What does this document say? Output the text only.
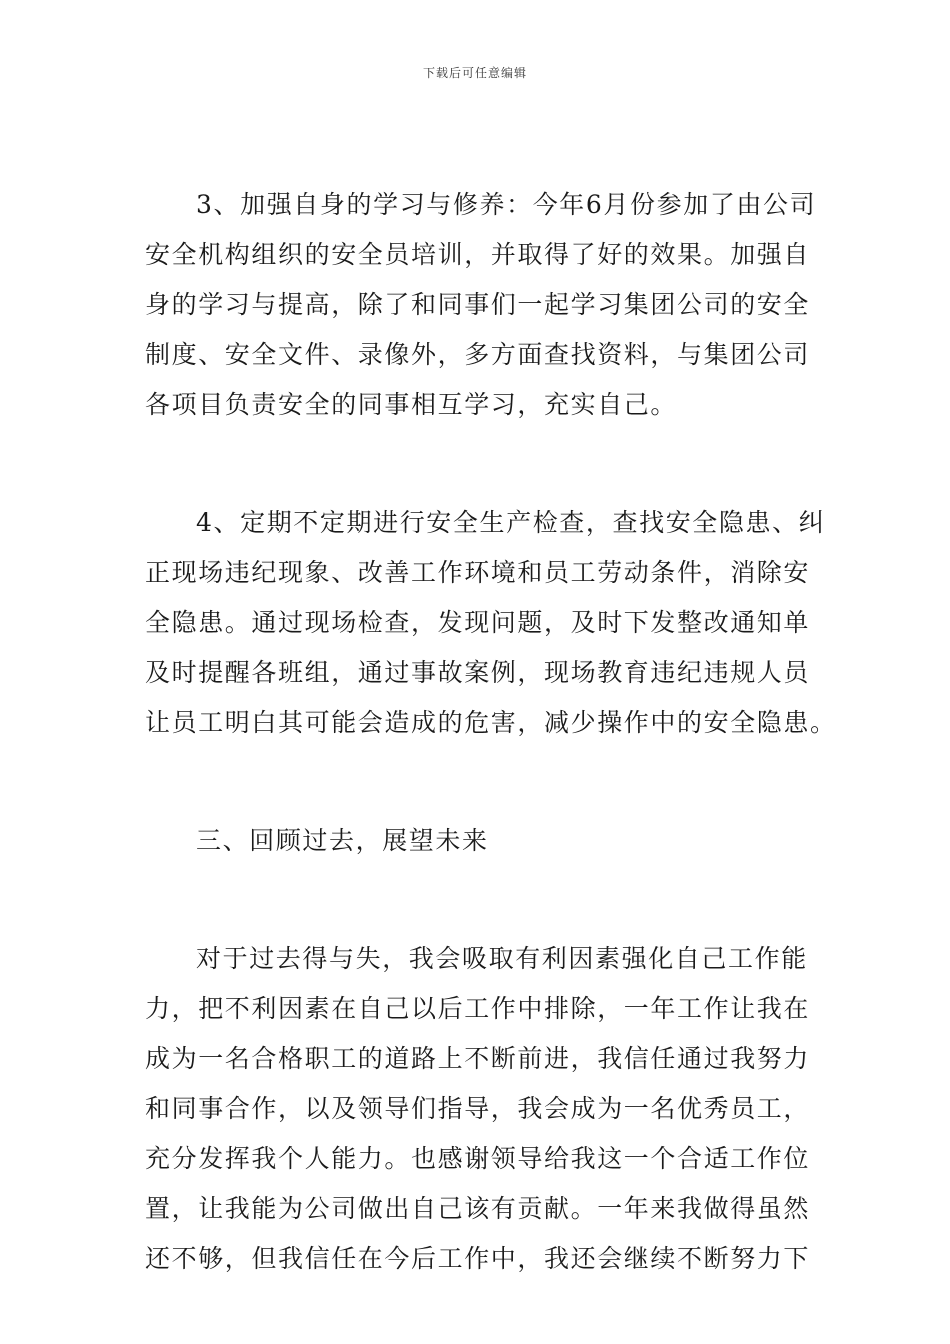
下载后可任意编辑
3、加强自身的学习与修养：今年6月份参加了由公司
安全机构组织的安全员培训，并取得了好的效果。加强自
身的学习与提高，除了和同事们一起学习集团公司的安全
制度、安全文件、录像外，多方面查找资料，与集团公司
各项目负责安全的同事相互学习，充实自己。
4、定期不定期进行安全生产检查，查找安全隐患、纠
正现场违纪现象、改善工作环境和员工劳动条件，消除安
全隐患。通过现场检查，发现问题，及时下发整改通知单
及时提醒各班组，通过事故案例，现场教育违纪违规人员
让员工明白其可能会造成的危害，减少操作中的安全隐患。
三、回顾过去，展望未来
对于过去得与失，我会吸取有利因素强化自己工作能
力，把不利因素在自己以后工作中排除，一年工作让我在
成为一名合格职工的道路上不断前进，我信任通过我努力
和同事合作，以及领导们指导，我会成为一名优秀员工，
充分发挥我个人能力。也感谢领导给我这一个合适工作位
置，让我能为公司做出自己该有贡献。一年来我做得虽然
还不够，但我信任在今后工作中，我还会继续不断努力下
